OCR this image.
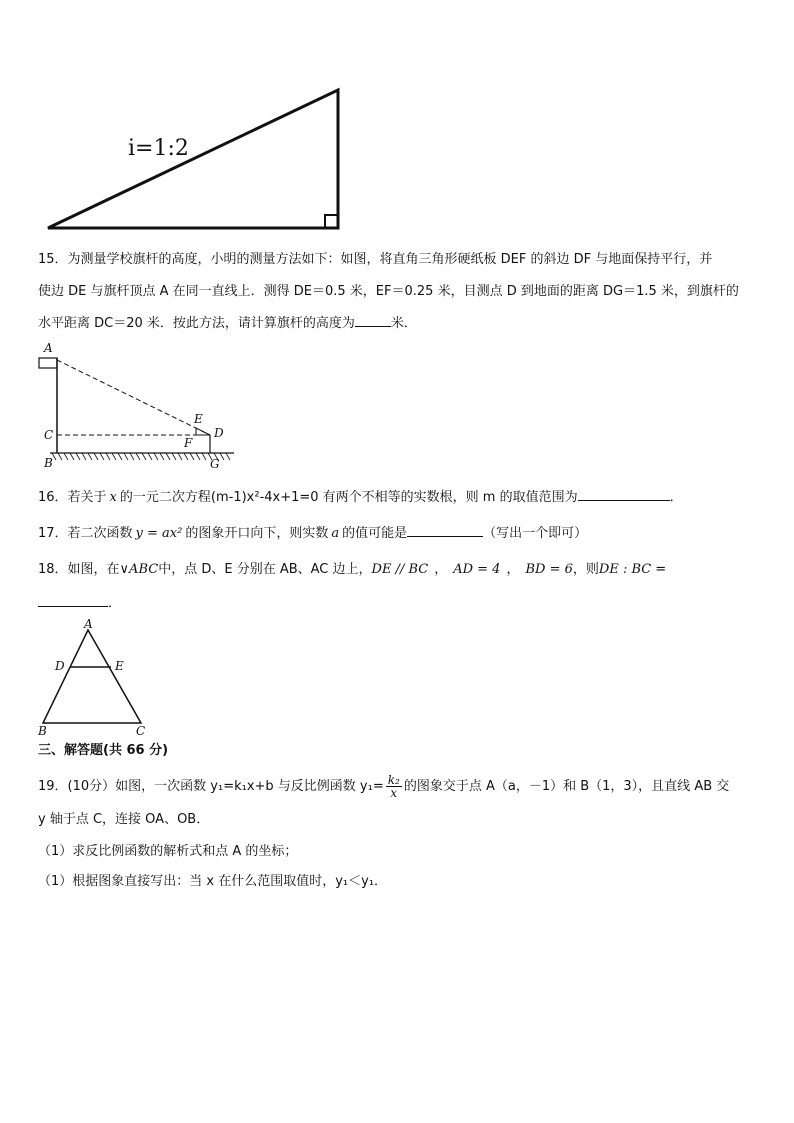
i=1:2
15．为测量学校旗杆的高度，小明的测量方法如下：如图，将直角三角形硬纸板 DEF 的斜边 DF 与地面保持平行，并
使边 DE 与旗杆顶点 A 在同一直线上．测得 DE＝0.5 米，EF＝0.25 米，目测点 D 到地面的距离 DG＝1.5 米，到旗杆的
水平距离 DC＝20 米．按此方法，请计算旗杆的高度为	米．
A
C
B
E
D
F
G
16．若关于 x 的一元二次方程(m-1)x²-4x+1=0 有两个不相等的实数根，则 m 的取值范围为	．
17．若二次函数 y = ax² 的图象开口向下，则实数 a 的值可能是	（写出一个即可）
18．如图，在∨ABC中，点 D、E 分别在 AB、AC 边上，DE // BC ， AD = 4 ， BD = 6，则DE : BC =
．
A
D	E
B	C
三、解答题(共 66 分)
19．(10分）如图，一次函数 y₁=k₁x+b 与反比例函数 $y_1= \frac{\text{k₂}}{x}$ 的图象交于点 A（a，－1）和 B（1，3），且直线 AB 交
y 轴于点 C，连接 OA、OB．
（1）求反比例函数的解析式和点 A 的坐标；
（1）根据图象直接写出：当 x 在什么范围取值时，y₁＜y₁．
